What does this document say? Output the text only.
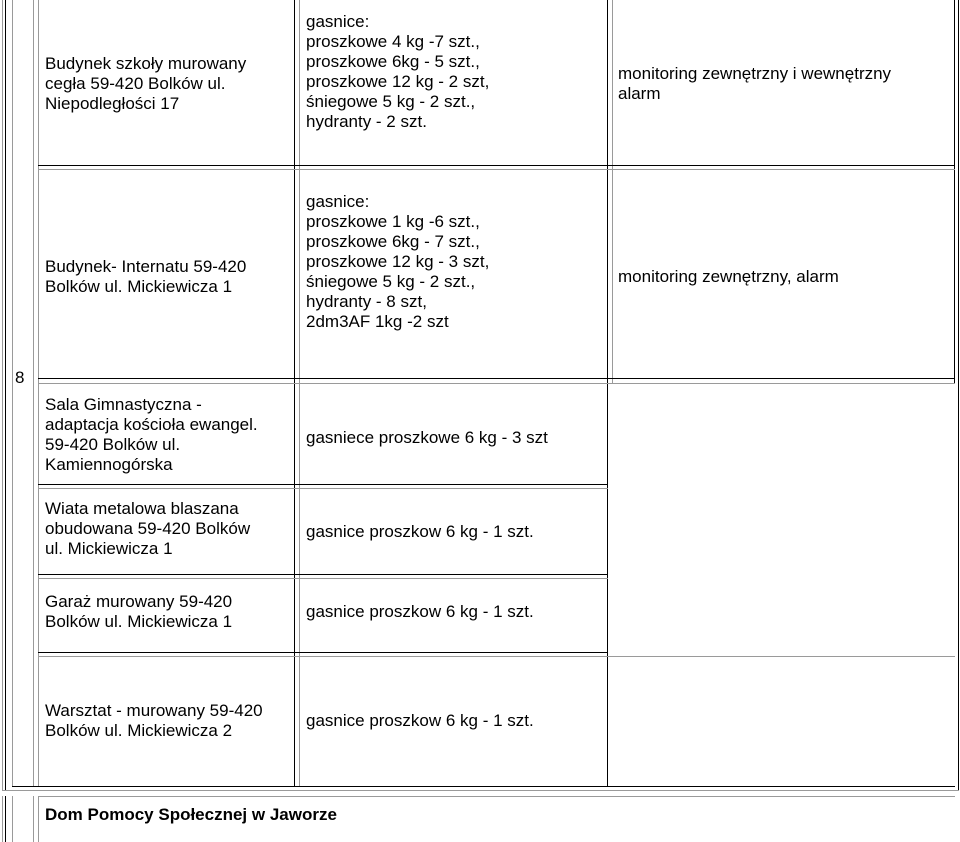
8
Budynek szkoły murowany
cegła 59-420 Bolków ul.
Niepodległości 17
gasnice:
proszkowe 4 kg -7 szt.,
proszkowe 6kg - 5 szt.,
proszkowe 12 kg - 2 szt,
śniegowe 5 kg - 2 szt.,
hydranty - 2 szt.
monitoring zewnętrzny i wewnętrzny
alarm
Budynek- Internatu 59-420
Bolków ul. Mickiewicza 1
gasnice:
proszkowe 1 kg -6 szt.,
proszkowe 6kg - 7 szt.,
proszkowe 12 kg - 3 szt,
śniegowe 5 kg - 2 szt.,
hydranty - 8 szt,
2dm3AF 1kg -2 szt
monitoring zewnętrzny, alarm
Sala Gimnastyczna -
adaptacja kościoła ewangel.
59-420 Bolków ul.
Kamiennogórska
gasniece proszkowe 6 kg - 3 szt
Wiata metalowa blaszana
obudowana 59-420 Bolków
ul. Mickiewicza 1
gasnice proszkow 6 kg - 1 szt.
Garaż murowany 59-420
Bolków ul. Mickiewicza 1
gasnice proszkow 6 kg - 1 szt.
Warsztat - murowany 59-420
Bolków ul. Mickiewicza 2
gasnice proszkow 6 kg - 1 szt.
Dom Pomocy Społecznej w Jaworze
